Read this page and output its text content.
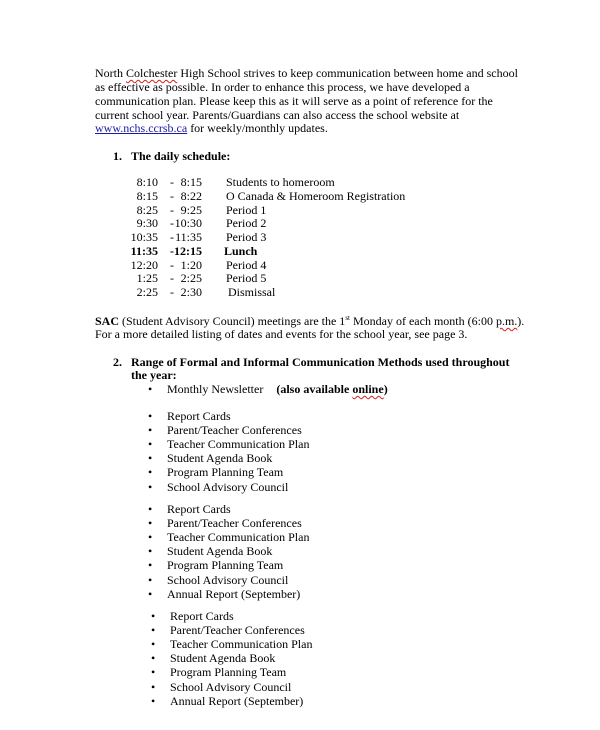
North Colchester High School strives to keep communication between home and school
as effective as possible. In order to enhance this process, we have developed a
communication plan. Please keep this as it will serve as a point of reference for the
current school year. Parents/Guardians can also access the school website at
www.nchs.ccrsb.ca for weekly/monthly updates.
1. The daily schedule:
8:10 - 8:15 Students to homeroom
8:15 - 8:22 O Canada & Homeroom Registration
8:25 - 9:25 Period 1
9:30 - 10:30 Period 2
10:35 - 11:35 Period 3
11:35 - 12:15 Lunch
12:20 - 1:20 Period 4
1:25 - 2:25 Period 5
2:25 - 2:30 Dismissal
SAC (Student Advisory Council) meetings are the 1st Monday of each month (6:00 p.m.).
For a more detailed listing of dates and events for the school year, see page 3.
2. Range of Formal and Informal Communication Methods used throughout
the year:
• Monthly Newsletter (also available online)
• Report Cards
• Parent/Teacher Conferences
• Teacher Communication Plan
• Student Agenda Book
• Program Planning Team
• School Advisory Council
• Report Cards
• Parent/Teacher Conferences
• Teacher Communication Plan
• Student Agenda Book
• Program Planning Team
• School Advisory Council
• Annual Report (September)
• Report Cards
• Parent/Teacher Conferences
• Teacher Communication Plan
• Student Agenda Book
• Program Planning Team
• School Advisory Council
• Annual Report (September)
